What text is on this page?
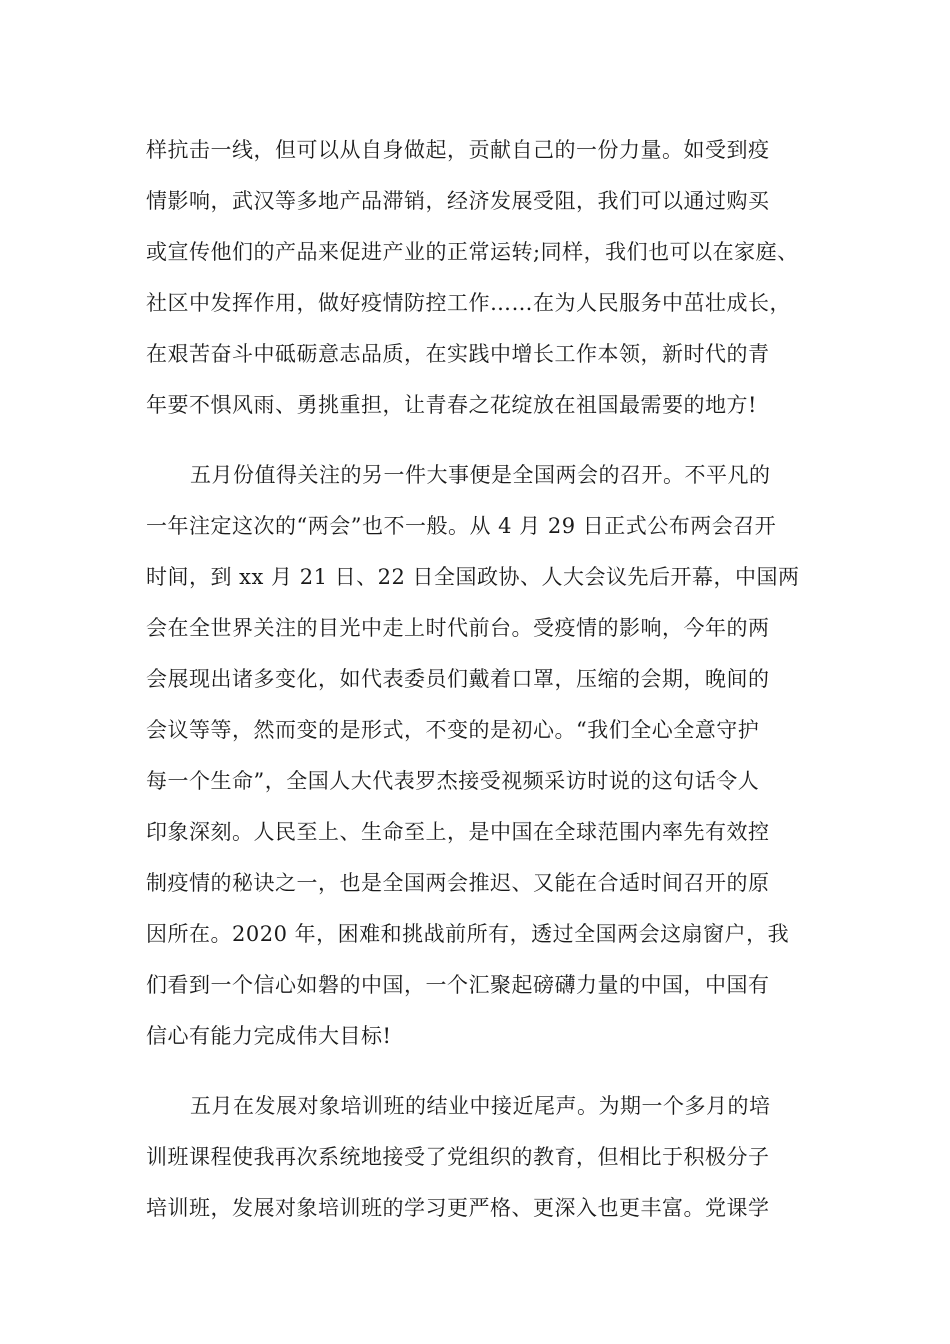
样抗击一线，但可以从自身做起，贡献自己的一份力量。如受到疫
情影响，武汉等多地产品滞销，经济发展受阻，我们可以通过购买
或宣传他们的产品来促进产业的正常运转;同样，我们也可以在家庭、
社区中发挥作用，做好疫情防控工作……在为人民服务中茁壮成长，
在艰苦奋斗中砥砺意志品质，在实践中增长工作本领，新时代的青
年要不惧风雨、勇挑重担，让青春之花绽放在祖国最需要的地方!
五月份值得关注的另一件大事便是全国两会的召开。不平凡的
一年注定这次的“两会”也不一般。从 4 月 29 日正式公布两会召开
时间，到 xx 月 21 日、22 日全国政协、人大会议先后开幕，中国两
会在全世界关注的目光中走上时代前台。受疫情的影响，今年的两
会展现出诸多变化，如代表委员们戴着口罩，压缩的会期，晚间的
会议等等，然而变的是形式，不变的是初心。“我们全心全意守护
每一个生命”，全国人大代表罗杰接受视频采访时说的这句话令人
印象深刻。人民至上、生命至上，是中国在全球范围内率先有效控
制疫情的秘诀之一，也是全国两会推迟、又能在合适时间召开的原
因所在。2020 年，困难和挑战前所有，透过全国两会这扇窗户，我
们看到一个信心如磐的中国，一个汇聚起磅礴力量的中国，中国有
信心有能力完成伟大目标!
五月在发展对象培训班的结业中接近尾声。为期一个多月的培
训班课程使我再次系统地接受了党组织的教育，但相比于积极分子
培训班，发展对象培训班的学习更严格、更深入也更丰富。党课学
